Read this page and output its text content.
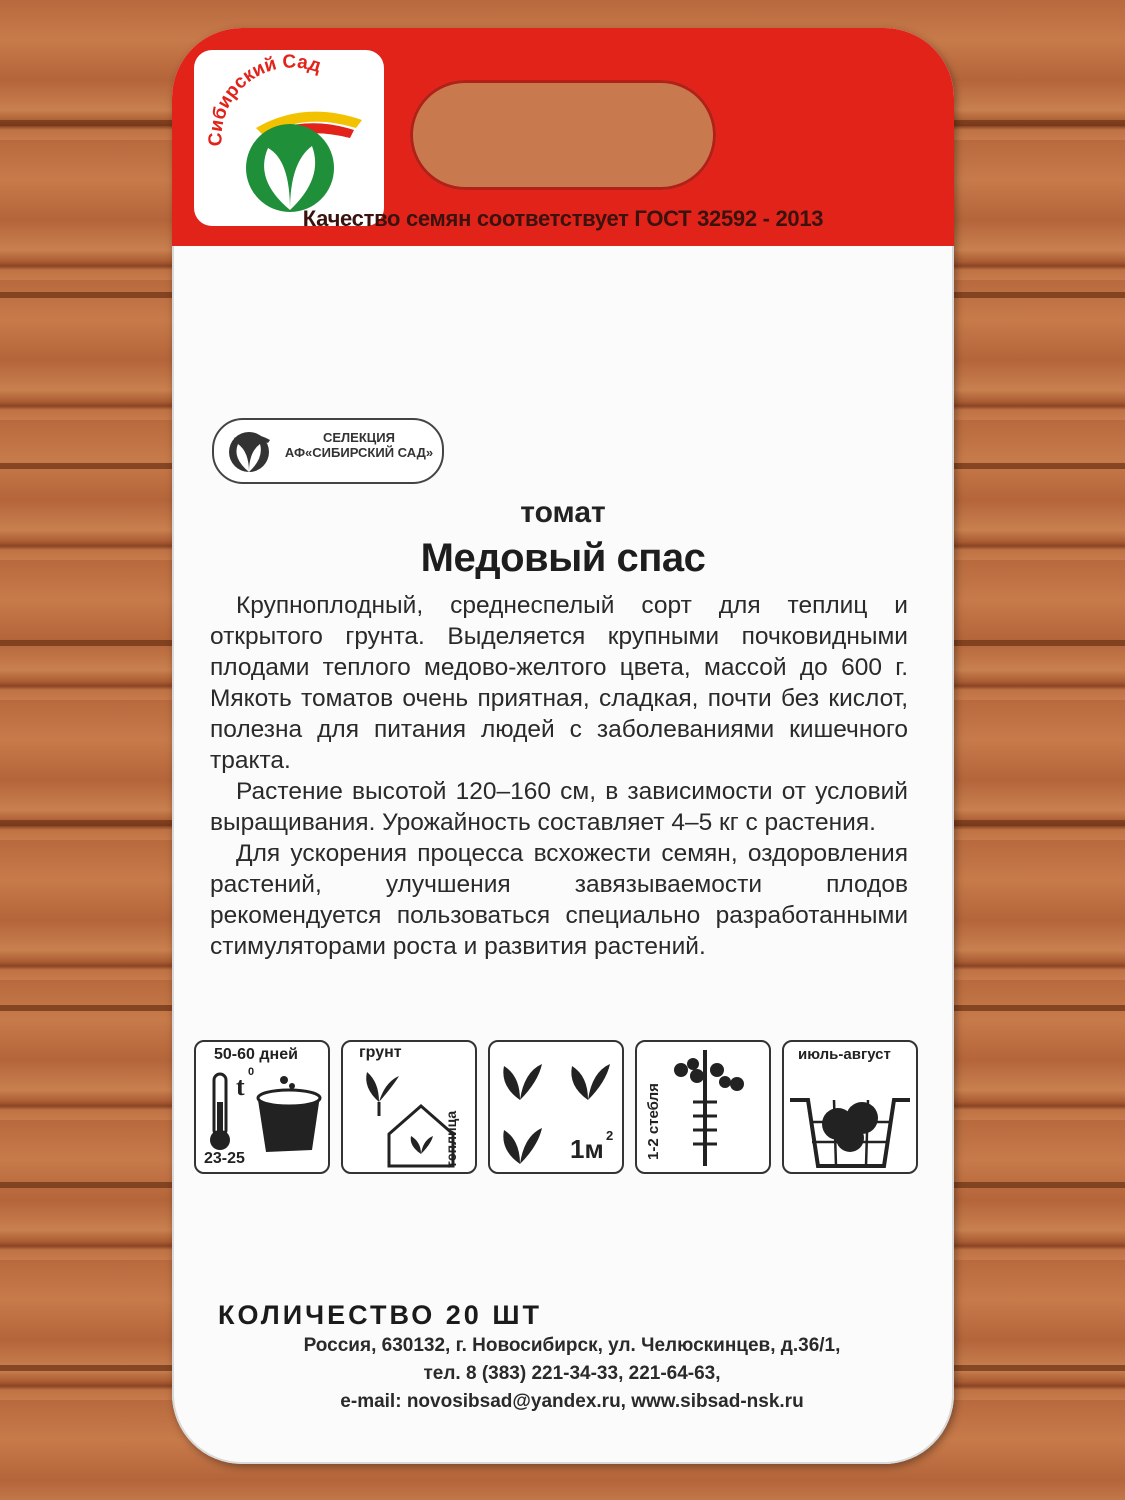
Сибирский Сад
Качество семян соответствует ГОСТ 32592 - 2013
СЕЛЕКЦИЯ
АФ«СИБИРСКИЙ САД»
томат
Медовый спас

Крупноплодный, среднеспелый сорт для теплиц и открытого грунта. Выделяется крупными почковидными плодами теплого медово-желтого цвета, массой до 600 г. Мякоть томатов очень приятная, сладкая, почти без кислот, полезна для питания людей с заболеваниями кишечного тракта.

Растение высотой 120–160 см, в зависимости от условий выращивания. Урожайность составляет 4–5 кг с растения.

Для ускорения процесса всхожести семян, оздоровления растений, улучшения завязываемости плодов рекомендуется пользоваться специально разработанными стимуляторами роста и развития растений.

50-60 дней
t 0
23-25
грунт
теплица	1м 2 1-2 стебля
июль-август
КОЛИЧЕСТВО 20 ШТ
Россия, 630132, г. Новосибирск, ул. Челюскинцев, д.36/1,
тел. 8 (383) 221-34-33, 221-64-63,
e-mail: novosibsad@yandex.ru, www.sibsad-nsk.ru
